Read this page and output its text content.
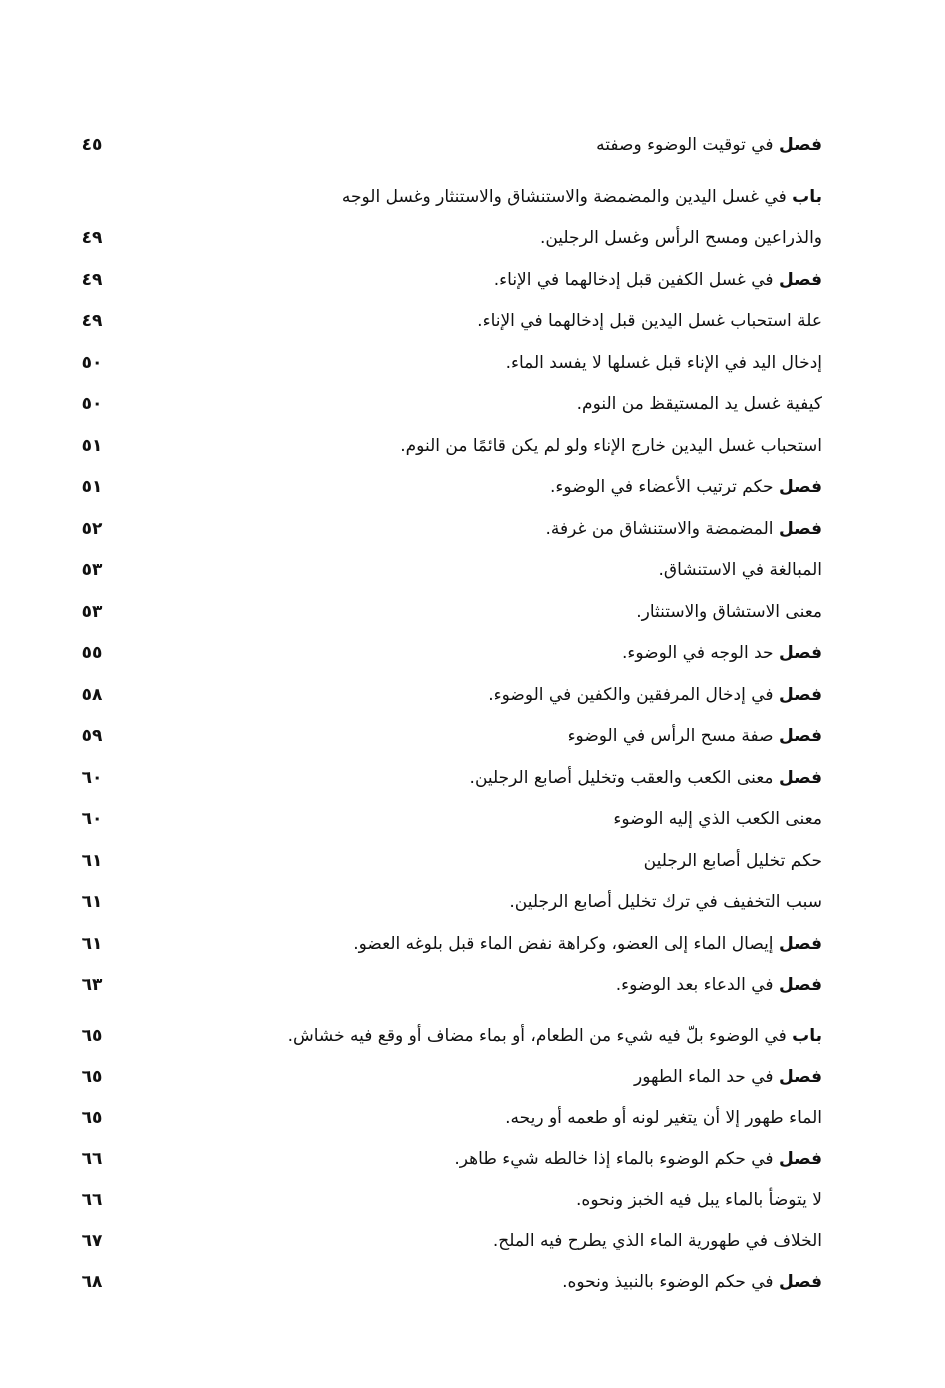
فصل في توقيت الوضوء وصفته
٤٥
باب في غسل اليدين والمضمضة والاستنشاق والاستنثار وغسل الوجه
والذراعين ومسح الرأس وغسل الرجلين.
٤٩
فصل في غسل الكفين قبل إدخالهما في الإناء.
٤٩
علة استحباب غسل اليدين قبل إدخالهما في الإناء.
٤٩
إدخال اليد في الإناء قبل غسلها لا يفسد الماء.
٥٠
كيفية غسل يد المستيقظ من النوم.
٥٠
استحباب غسل اليدين خارج الإناء ولو لم يكن قائمًا من النوم.
٥١
فصل حكم ترتيب الأعضاء في الوضوء.
٥١
فصل المضمضة والاستنشاق من غرفة.
٥٢
المبالغة في الاستنشاق.
٥٣
معنى الاستشاق والاستنثار.
٥٣
فصل حد الوجه في الوضوء.
٥٥
فصل في إدخال المرفقين والكفين في الوضوء.
٥٨
فصل صفة مسح الرأس في الوضوء
٥٩
فصل معنى الكعب والعقب وتخليل أصابع الرجلين.
٦٠
معنى الكعب الذي إليه الوضوء
٦٠
حكم تخليل أصابع الرجلين
٦١
سبب التخفيف في ترك تخليل أصابع الرجلين.
٦١
فصل إيصال الماء إلى العضو، وكراهة نفض الماء قبل بلوغه العضو.
٦١
فصل في الدعاء بعد الوضوء.
٦٣
باب في الوضوء بلّ فيه شيء من الطعام، أو بماء مضاف أو وقع فيه خشاش.
٦٥
فصل في حد الماء الطهور
٦٥
الماء طهور إلا أن يتغير لونه أو طعمه أو ريحه.
٦٥
فصل في حكم الوضوء بالماء إذا خالطه شيء طاهر.
٦٦
لا يتوضأ بالماء يبل فيه الخبز ونحوه.
٦٦
الخلاف في طهورية الماء الذي يطرح فيه الملح.
٦٧
فصل في حكم الوضوء بالنبيذ ونحوه.
٦٨
